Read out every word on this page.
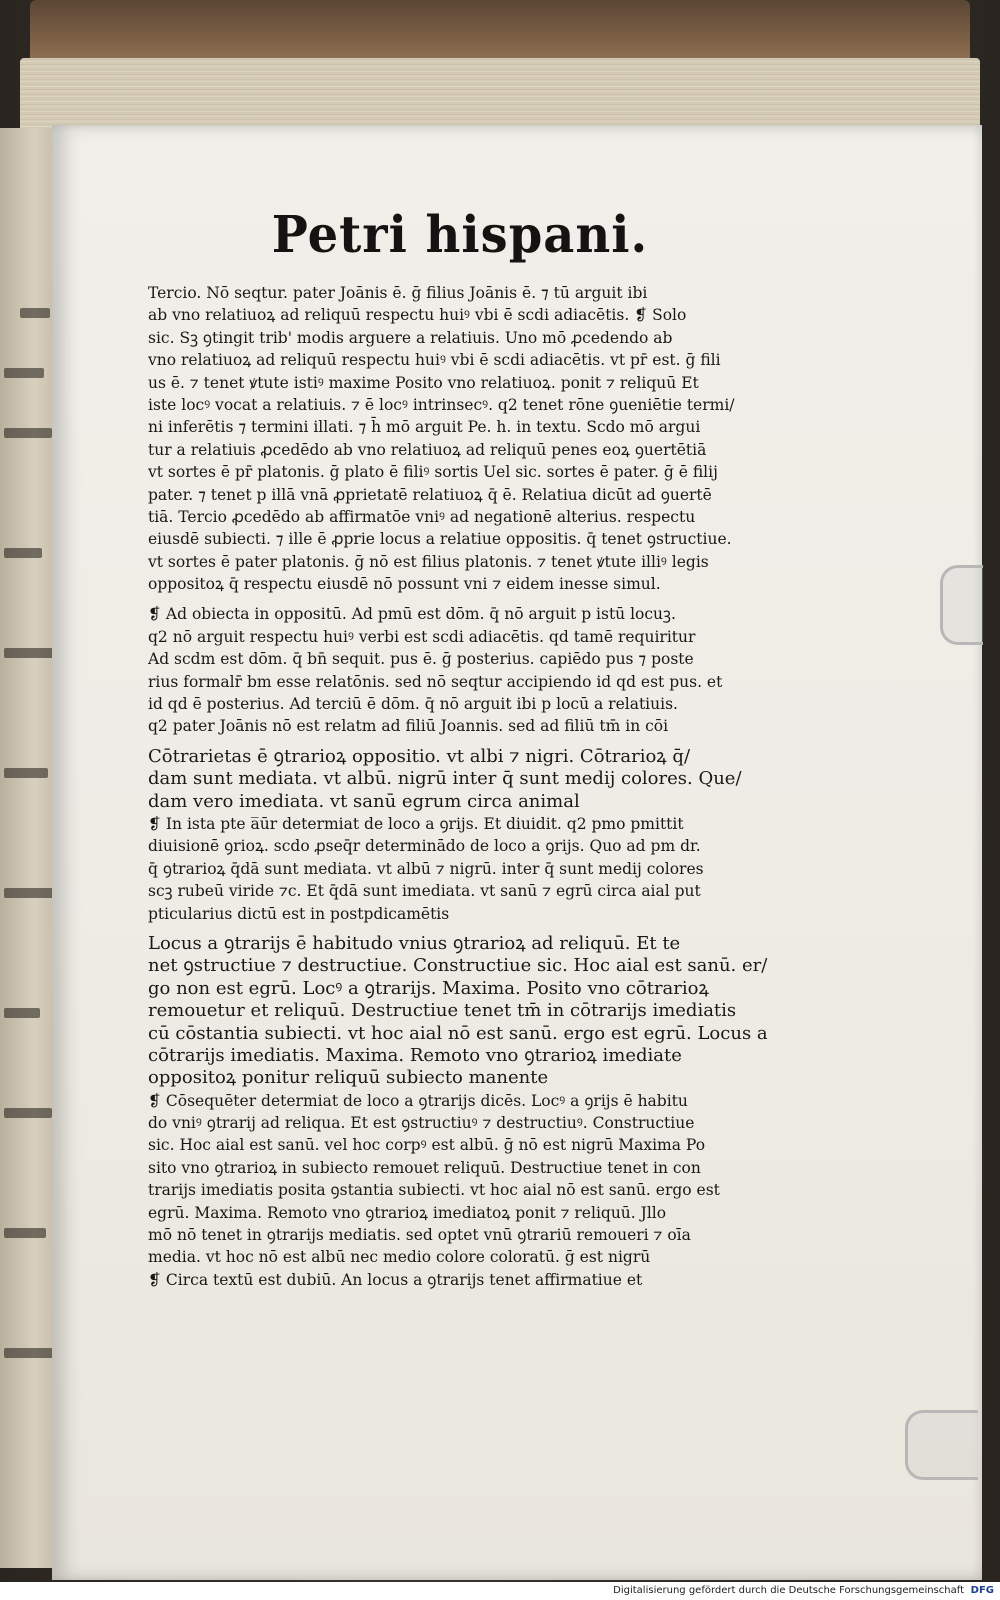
Petri hispani.
Tercio. Nō seqtur. pater Joānis ē. ḡ filius Joānis ē. ⁊ tū arguit ibi
ab vno relatiuoꝝ ad reliquū respectu huiꝰ vbi ē scdi adiacētis. ❡ Solo
sic. Sꝫ ꝯtingit trib' modis arguere a relatiuis. Uno mō ꝓcedendo ab
vno relatiuoꝝ ad reliquū respectu huiꝰ vbi ē scdi adiacētis. vt pr̄ est. ḡ fili
us ē. ⁊ tenet ꝟtute istiꝰ maxime Posito vno relatiuoꝝ. ponit ⁊ reliquū Et
iste locꝰ vocat a relatiuis. ⁊ ē locꝰ intrinsecꝰ. q2 tenet rōne ꝯueniētie termi/
ni inferētis ⁊ termini illati. ⁊ h̄ mō arguit Pe. h. in textu. Scdo mō argui
tur a relatiuis ꝓcedēdo ab vno relatiuoꝝ ad reliquū penes eoꝝ ꝯuertētiā
vt sortes ē pr̄ platonis. ḡ plato ē filiꝰ sortis Uel sic. sortes ē pater. ḡ ē filij
pater. ⁊ tenet p illā vnā ꝓprietatē relatiuoꝝ q̄ ē. Relatiua dicūt ad ꝯuertē
tiā. Tercio ꝓcedēdo ab affirmatōe vniꝰ ad negationē alterius. respectu
eiusdē subiecti. ⁊ ille ē ꝓprie locus a relatiue oppositis. q̄ tenet ꝯstructiue.
vt sortes ē pater platonis. ḡ nō est filius platonis. ⁊ tenet ꝟtute illiꝰ legis
oppositoꝝ q̄ respectu eiusdē nō possunt vni ⁊ eidem inesse simul.
❡ Ad obiecta in oppositū. Ad pmū est dōm. q̄ nō arguit p istū locuꝫ.
q2 nō arguit respectu huiꝰ verbi est scdi adiacētis. qd tamē requiritur
Ad scdm est dōm. q̄ bn̄ sequit. pus ē. ḡ posterius. capiēdo pus ⁊ poste
rius formalr̄ bm esse relatōnis. sed nō seqtur accipiendo id qd est pus. et
id qd ē posterius. Ad terciū ē dōm. q̄ nō arguit ibi p locū a relatiuis.
q2 pater Joānis nō est relatm ad filiū Joannis. sed ad filiū tm̄ in cōi
Cōtrarietas ē ꝯtrarioꝝ oppositio. vt albi ⁊ nigri. Cōtrarioꝝ q̄/
dam sunt mediata. vt albū. nigrū inter q̄ sunt medij colores. Que/
dam vero imediata. vt sanū egrum circa animal
❡ In ista pte a̅ūr determiat de loco a ꝯrijs. Et diuidit. q2 pmo pmittit
diuisionē ꝯrioꝝ. scdo ꝓseq̄r determinādo de loco a ꝯrijs. Quo ad pm dr.
q̄ ꝯtrarioꝝ q̄dā sunt mediata. vt albū ⁊ nigrū. inter q̄ sunt medij colores
scꝫ rubeū viride ⁊c. Et q̄dā sunt imediata. vt sanū ⁊ egrū circa aial put
pticularius dictū est in postpdicamētis
Locus a ꝯtrarijs ē habitudo vnius ꝯtrarioꝝ ad reliquū. Et te
net ꝯstructiue ⁊ destructiue. Constructiue sic. Hoc aial est sanū. er/
go non est egrū. Locꝰ a ꝯtrarijs. Maxima. Posito vno cōtrarioꝝ
remouetur et reliquū. Destructiue tenet tm̄ in cōtrarijs imediatis
cū cōstantia subiecti. vt hoc aial nō est sanū. ergo est egrū. Locus a
cōtrarijs imediatis. Maxima. Remoto vno ꝯtrarioꝝ imediate
oppositoꝝ ponitur reliquū subiecto manente
❡ Cōsequēter determiat de loco a ꝯtrarijs dicēs. Locꝰ a ꝯrijs ē habitu
do vniꝰ ꝯtrarij ad reliqua. Et est ꝯstructiuꝰ ⁊ destructiuꝰ. Constructiue
sic. Hoc aial est sanū. vel hoc corpꝰ est albū. ḡ nō est nigrū Maxima Po
sito vno ꝯtrarioꝝ in subiecto remouet reliquū. Destructiue tenet in con
trarijs imediatis posita ꝯstantia subiecti. vt hoc aial nō est sanū. ergo est
egrū. Maxima. Remoto vno ꝯtrarioꝝ imediatoꝝ ponit ⁊ reliquū. Jllo
mō nō tenet in ꝯtrarijs mediatis. sed optet vnū ꝯtrariū remoueri ⁊ oīa
media. vt hoc nō est albū nec medio colore coloratū. ḡ est nigrū
❡ Circa textū est dubiū. An locus a ꝯtrarijs tenet affirmatiue et
Digitalisierung gefördert durch die Deutsche Forschungsgemeinschaft DFG
